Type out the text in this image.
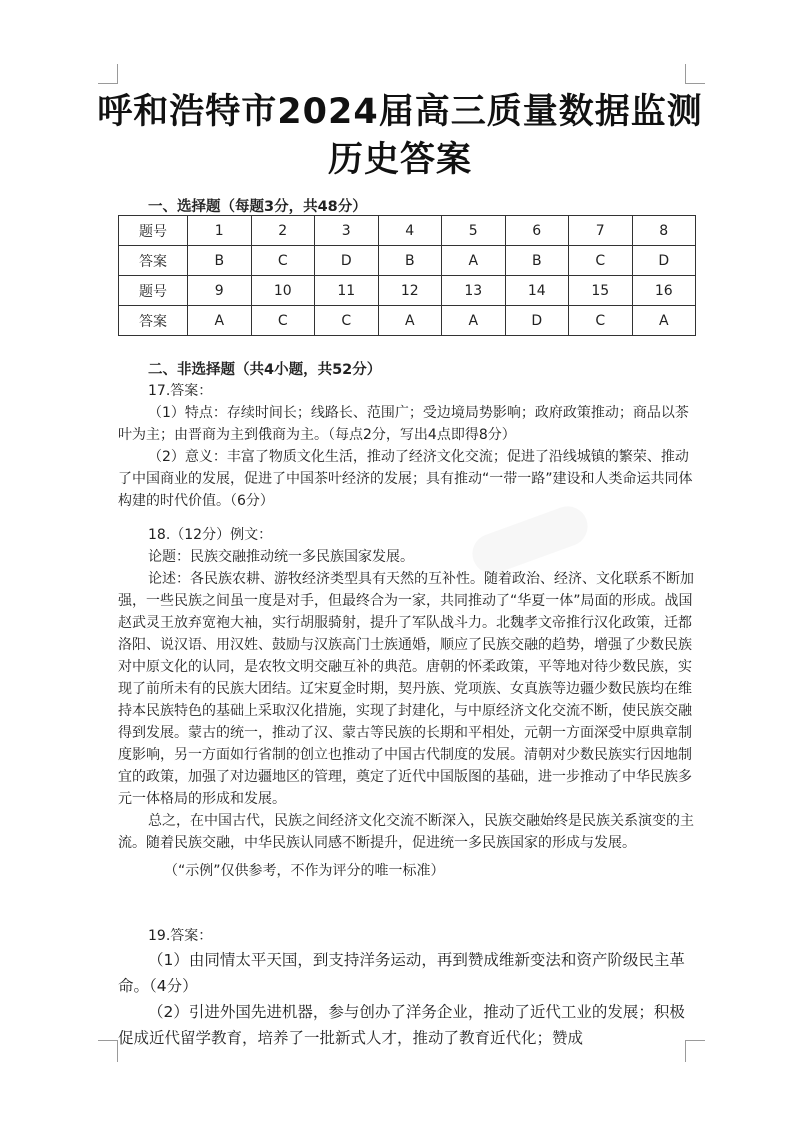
呼和浩特市2024届高三质量数据监测
历史答案
一、选择题（每题3分，共48分）
题号	1	2	3	4	5	6	7	8
答案	B	C	D	B	A	B	C	D
题号	9	10	11	12	13	14	15	16
答案	A	C	C	A	A	D	C	A
二、非选择题（共4小题，共52分）

17.答案：

（1）特点：存续时间长；线路长、范围广；受边境局势影响；政府政策推动；商品以茶叶为主；由晋商为主到俄商为主。（每点2分，写出4点即得8分）

（2）意义：丰富了物质文化生活，推动了经济文化交流；促进了沿线城镇的繁荣、推动了中国商业的发展，促进了中国茶叶经济的发展；具有推动“一带一路”建设和人类命运共同体构建的时代价值。（6分）

18.（12分）例文：

论题：民族交融推动统一多民族国家发展。

论述：各民族农耕、游牧经济类型具有天然的互补性。随着政治、经济、文化联系不断加强，一些民族之间虽一度是对手，但最终合为一家，共同推动了“华夏一体”局面的形成。战国赵武灵王放弃宽袍大袖，实行胡服骑射，提升了军队战斗力。北魏孝文帝推行汉化政策，迁都洛阳、说汉语、用汉姓、鼓励与汉族高门士族通婚，顺应了民族交融的趋势，增强了少数民族对中原文化的认同，是农牧文明交融互补的典范。唐朝的怀柔政策，平等地对待少数民族，实现了前所未有的民族大团结。辽宋夏金时期，契丹族、党项族、女真族等边疆少数民族均在维持本民族特色的基础上采取汉化措施，实现了封建化，与中原经济文化交流不断，使民族交融得到发展。蒙古的统一，推动了汉、蒙古等民族的长期和平相处，元朝一方面深受中原典章制度影响，另一方面如行省制的创立也推动了中国古代制度的发展。清朝对少数民族实行因地制宜的政策，加强了对边疆地区的管理，奠定了近代中国版图的基础，进一步推动了中华民族多元一体格局的形成和发展。

总之，在中国古代，民族之间经济文化交流不断深入，民族交融始终是民族关系演变的主流。随着民族交融，中华民族认同感不断提升，促进统一多民族国家的形成与发展。

（“示例”仅供参考，不作为评分的唯一标准）

19.答案：

（1）由同情太平天国，到支持洋务运动，再到赞成维新变法和资产阶级民主革命。（4分）

（2）引进外国先进机器，参与创办了洋务企业，推动了近代工业的发展；积极促成近代留学教育，培养了一批新式人才，推动了教育近代化；赞成
